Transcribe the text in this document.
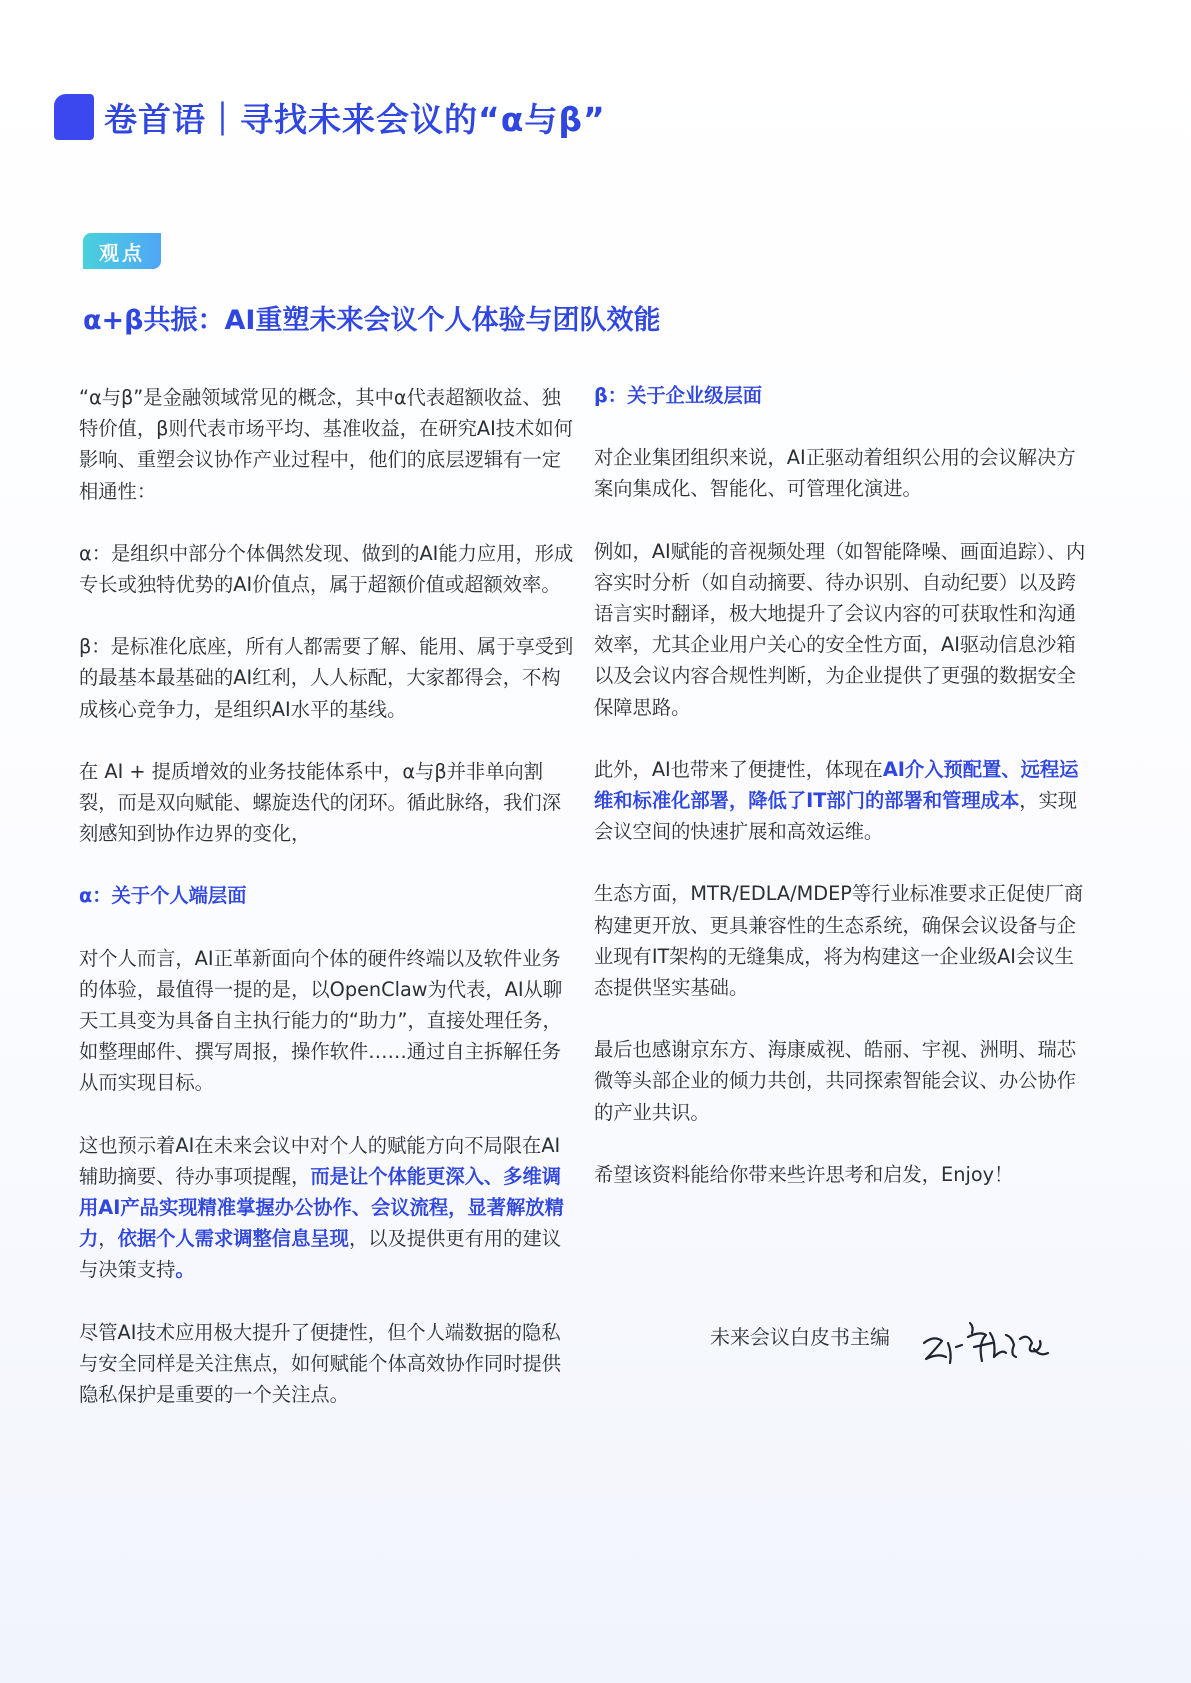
卷首语｜寻找未来会议的“α与β”
观点
α+β共振：AI重塑未来会议个人体验与团队效能

“α与β”是金融领域常见的概念，其中α代表超额收益、独特价值，β则代表市场平均、基准收益，在研究AI技术如何影响、重塑会议协作产业过程中，他们的底层逻辑有一定相通性：

α：是组织中部分个体偶然发现、做到的AI能力应用，形成专长或独特优势的AI价值点，属于超额价值或超额效率。

β：是标准化底座，所有人都需要了解、能用、属于享受到的最基本最基础的AI红利，人人标配，大家都得会，不构成核心竞争力，是组织AI水平的基线。

在 AI + 提质增效的业务技能体系中，α与β并非单向割裂，而是双向赋能、螺旋迭代的闭环。循此脉络，我们深刻感知到协作边界的变化，

α：关于个人端层面

对个人而言，AI正革新面向个体的硬件终端以及软件业务的体验，最值得一提的是，以OpenClaw为代表，AI从聊天工具变为具备自主执行能力的“助力”，直接处理任务，如整理邮件、撰写周报，操作软件……通过自主拆解任务从而实现目标。

这也预示着AI在未来会议中对个人的赋能方向不局限在AI辅助摘要、待办事项提醒，而是让个体能更深入、多维调用AI产品实现精准掌握办公协作、会议流程，显著解放精力，依据个人需求调整信息呈现，以及提供更有用的建议与决策支持。

尽管AI技术应用极大提升了便捷性，但个人端数据的隐私与安全同样是关注焦点，如何赋能个体高效协作同时提供隐私保护是重要的一个关注点。

β：关于企业级层面

对企业集团组织来说，AI正驱动着组织公用的会议解决方案向集成化、智能化、可管理化演进。

例如，AI赋能的音视频处理（如智能降噪、画面追踪）、内容实时分析（如自动摘要、待办识别、自动纪要）以及跨语言实时翻译，极大地提升了会议内容的可获取性和沟通效率，尤其企业用户关心的安全性方面，AI驱动信息沙箱以及会议内容合规性判断，为企业提供了更强的数据安全保障思路。

此外，AI也带来了便捷性，体现在AI介入预配置、远程运维和标准化部署，降低了IT部门的部署和管理成本，实现会议空间的快速扩展和高效运维。

生态方面，MTR/EDLA/MDEP等行业标准要求正促使厂商构建更开放、更具兼容性的生态系统，确保会议设备与企业现有IT架构的无缝集成，将为构建这一企业级AI会议生态提供坚实基础。

最后也感谢京东方、海康威视、皓丽、宇视、洲明、瑞芯微等头部企业的倾力共创，共同探索智能会议、办公协作的产业共识。

希望该资料能给你带来些许思考和启发，Enjoy！

未来会议白皮书主编
